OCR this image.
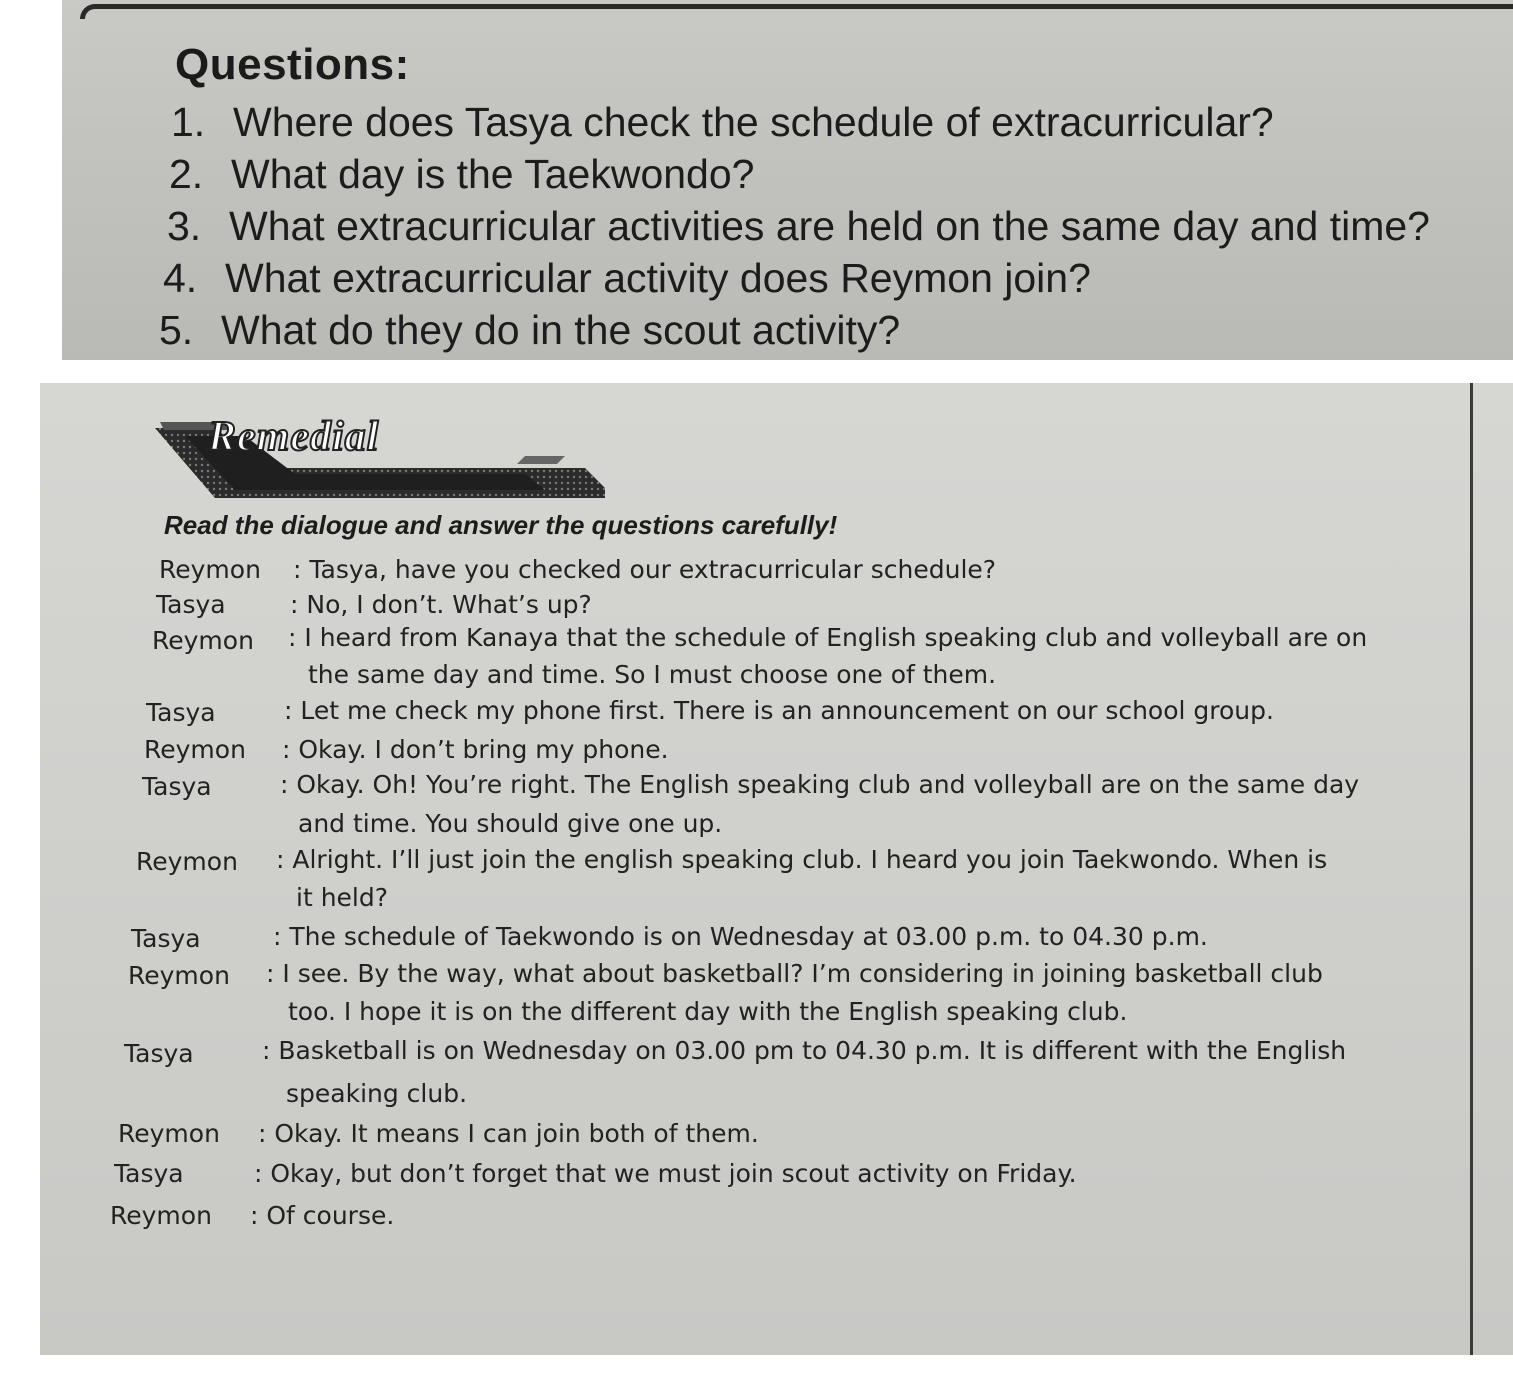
Questions:
1. Where does Tasya check the schedule of extracurricular?
2. What day is the Taekwondo?
3. What extracurricular activities are held on the same day and time?
4. What extracurricular activity does Reymon join?
5. What do they do in the scout activity?
Remedial
Read the dialogue and answer the questions carefully!
Reymon : Tasya, have you checked our extracurricular schedule?
Tasya	: No, I don’t. What’s up?
Reymon : I heard from Kanaya that the schedule of English speaking club and volleyball are on
the same day and time. So I must choose one of them.
Tasya	: Let me check my phone first. There is an announcement on our school group.
Reymon : Okay. I don’t bring my phone.
Tasya	: Okay. Oh! You’re right. The English speaking club and volleyball are on the same day
and time. You should give one up.
Reymon : Alright. I’ll just join the english speaking club. I heard you join Taekwondo. When is
it held?
Tasya	: The schedule of Taekwondo is on Wednesday at 03.00 p.m. to 04.30 p.m.
Reymon : I see. By the way, what about basketball? I’m considering in joining basketball club
too. I hope it is on the different day with the English speaking club.
Tasya	: Basketball is on Wednesday on 03.00 pm to 04.30 p.m. It is different with the English
speaking club.
Reymon : Okay. It means I can join both of them.
Tasya	: Okay, but don’t forget that we must join scout activity on Friday.
Reymon : Of course.
